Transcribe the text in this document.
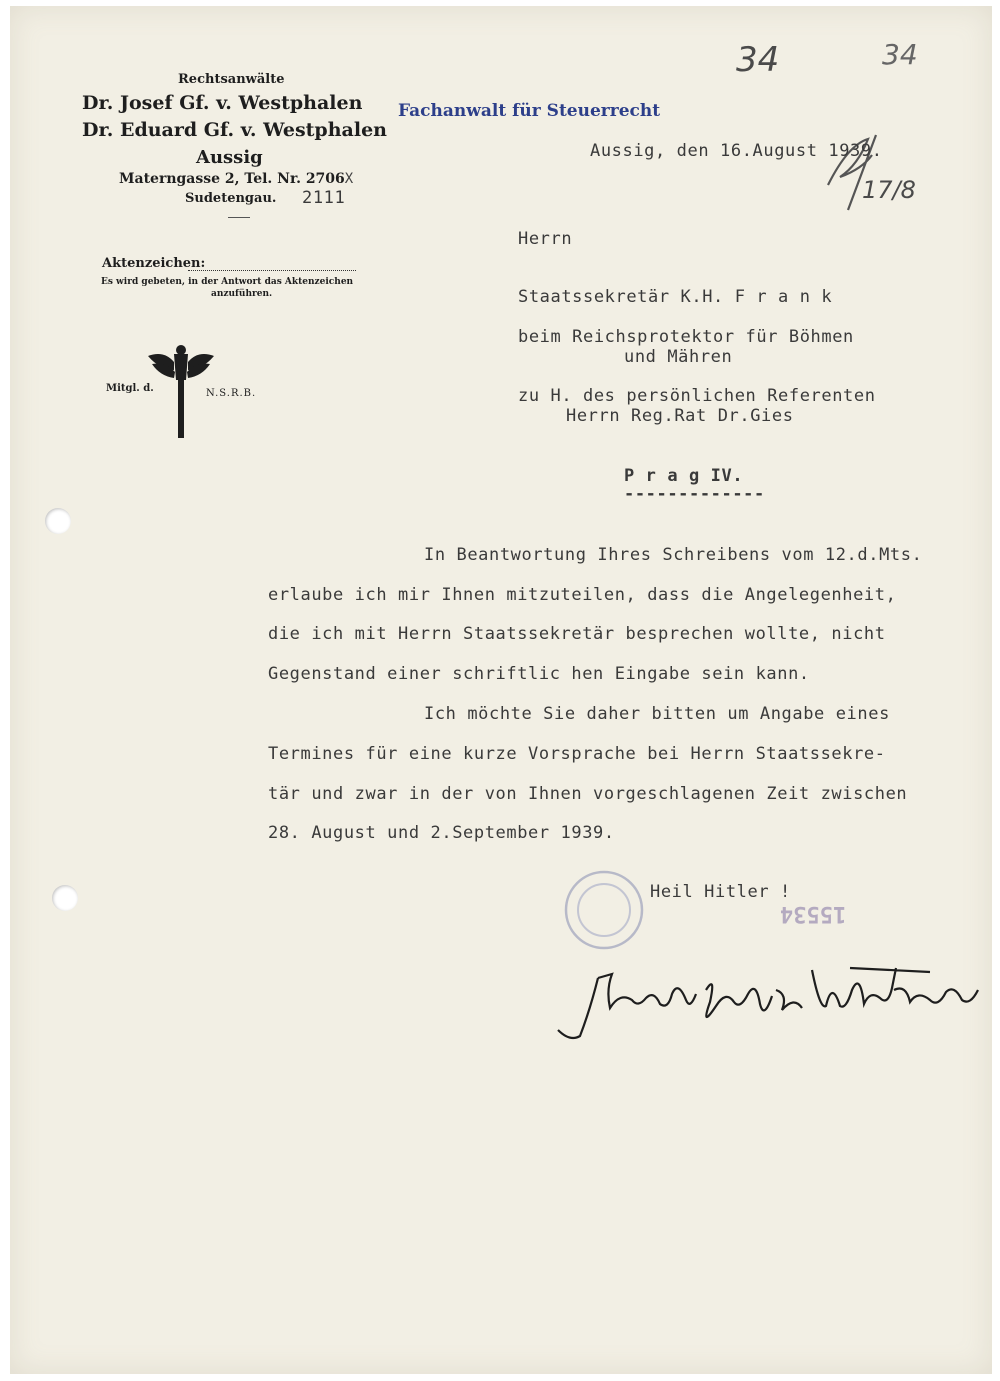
Rechtsanwälte
Dr. Josef Gf. v. Westphalen
Dr. Eduard Gf. v. Westphalen
Aussig
Materngasse 2, Tel. Nr. 2706X
Sudetengau. 2111
Aktenzeichen:
Es wird gebeten, in der Antwort das Aktenzeichen
anzuführen.
Mitgl. d.	N.S.R.B.
Fachanwalt für Steuerrecht
34	34
17/8
Aussig, den 16.August 1939.
Herrn
Staatssekretär K.H. F r a n k
beim Reichsprotektor für Böhmen
und Mähren
zu H. des persönlichen Referenten
Herrn Reg.Rat Dr.Gies
P r a g IV.
-------------
In Beantwortung Ihres Schreibens vom 12.d.Mts.
erlaube ich mir Ihnen mitzuteilen, dass die Angelegenheit,
die ich mit Herrn Staatssekretär besprechen wollte, nicht
Gegenstand einer schriftlic hen Eingabe sein kann.
Ich möchte Sie daher bitten um Angabe eines
Termines für eine kurze Vorsprache bei Herrn Staatssekre-
tär und zwar in der von Ihnen vorgeschlagenen Zeit zwischen
28. August und 2.September 1939.
Heil Hitler !
15534
